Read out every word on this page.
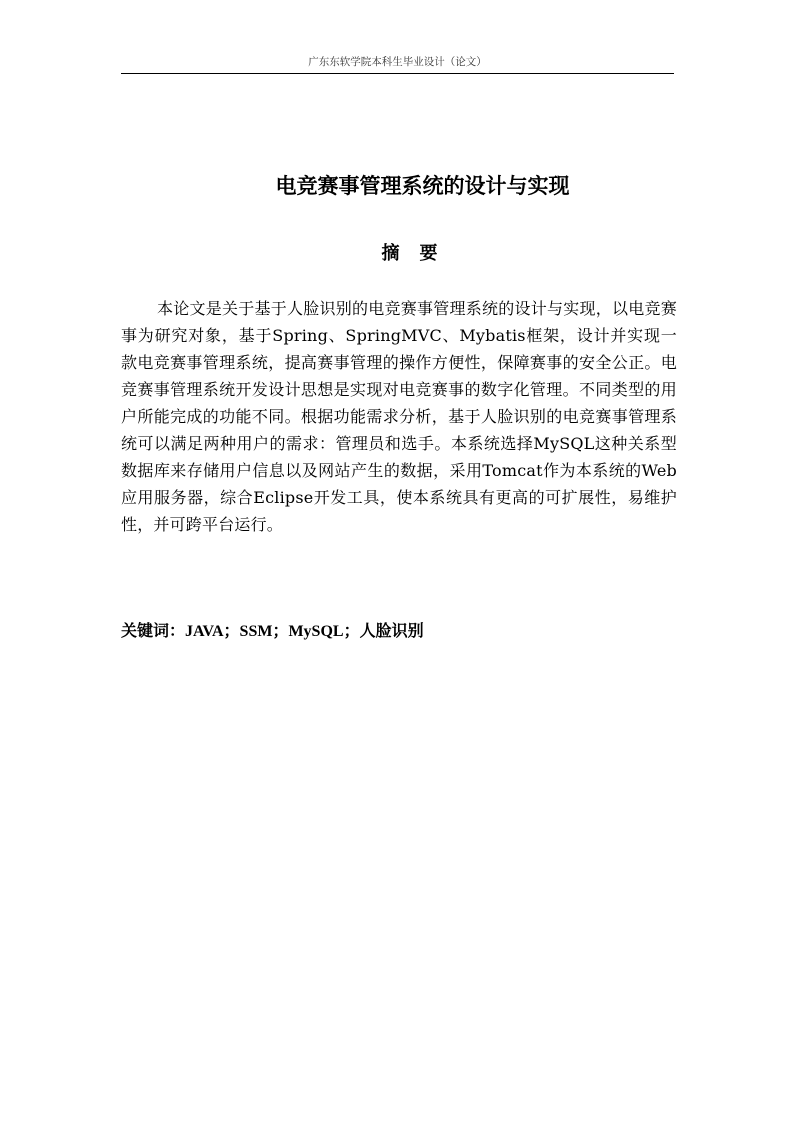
广东东软学院本科生毕业设计（论文）
电竞赛事管理系统的设计与实现
摘 要

本论文是关于基于人脸识别的电竞赛事管理系统的设计与实现，以电竞赛事为研究对象，基于Spring、SpringMVC、Mybatis框架，设计并实现一款电竞赛事管理系统，提高赛事管理的操作方便性，保障赛事的安全公正。电竞赛事管理系统开发设计思想是实现对电竞赛事的数字化管理。不同类型的用户所能完成的功能不同。根据功能需求分析，基于人脸识别的电竞赛事管理系统可以满足两种用户的需求：管理员和选手。本系统选择MySQL这种关系型数据库来存储用户信息以及网站产生的数据，采用Tomcat作为本系统的Web应用服务器，综合Eclipse开发工具，使本系统具有更高的可扩展性，易维护性，并可跨平台运行。

关键词：JAVA；SSM；MySQL；人脸识别
